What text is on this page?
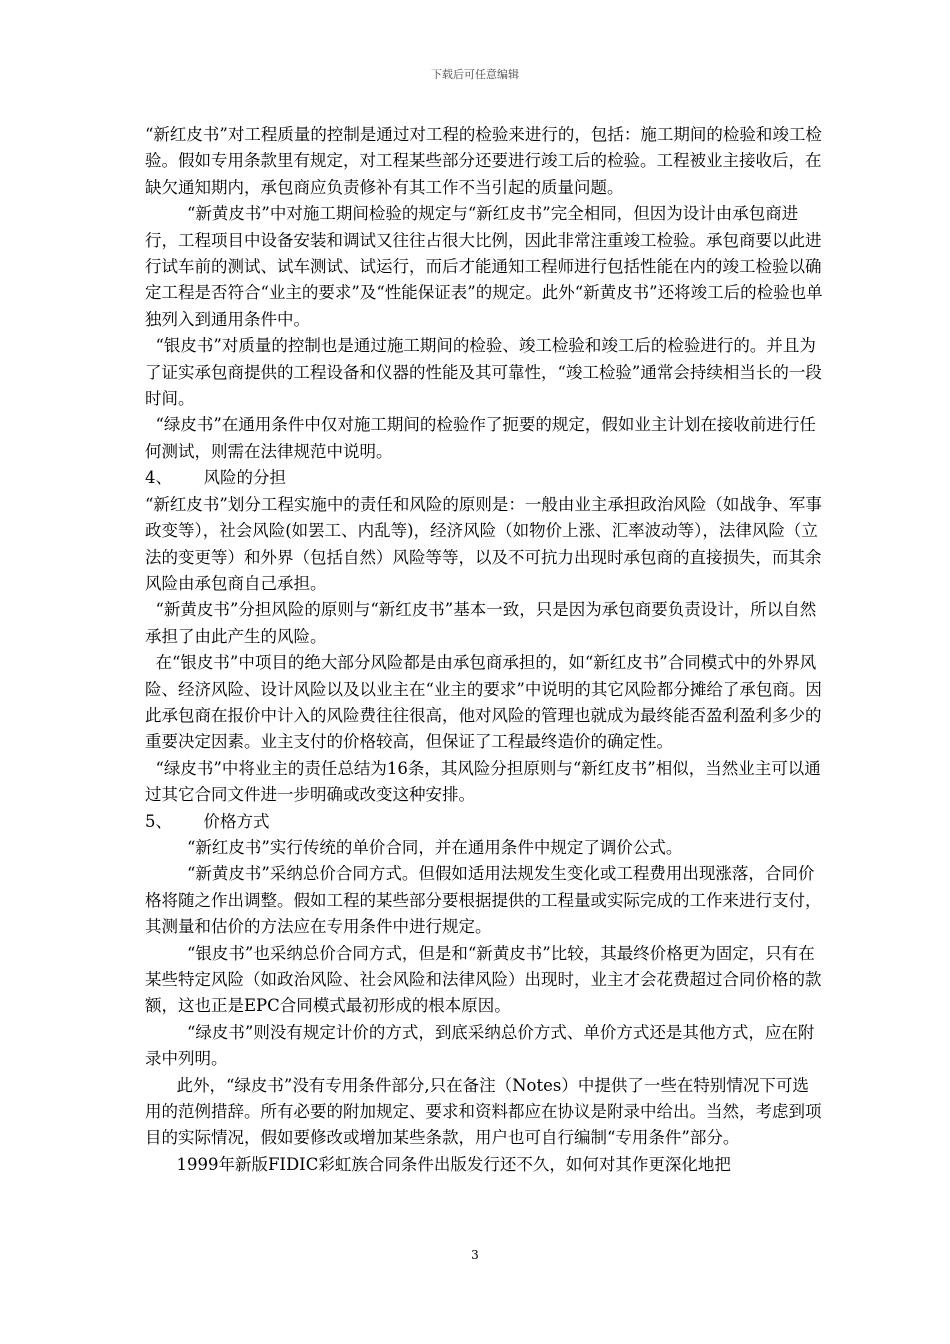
下载后可任意编辑

“新红皮书”对工程质量的控制是通过对工程的检验来进行的，包括：施工期间的检验和竣工检验。假如专用条款里有规定，对工程某些部分还要进行竣工后的检验。工程被业主接收后，在缺欠通知期内，承包商应负责修补有其工作不当引起的质量问题。

“新黄皮书”中对施工期间检验的规定与“新红皮书”完全相同，但因为设计由承包商进行，工程项目中设备安装和调试又往往占很大比例，因此非常注重竣工检验。承包商要以此进行试车前的测试、试车测试、试运行，而后才能通知工程师进行包括性能在内的竣工检验以确定工程是否符合“业主的要求”及“性能保证表”的规定。此外“新黄皮书”还将竣工后的检验也单独列入到通用条件中。

“银皮书”对质量的控制也是通过施工期间的检验、竣工检验和竣工后的检验进行的。并且为了证实承包商提供的工程设备和仪器的性能及其可靠性，“竣工检验”通常会持续相当长的一段时间。

“绿皮书”在通用条件中仅对施工期间的检验作了扼要的规定，假如业主计划在接收前进行任何测试，则需在法律规范中说明。

4、      风险的分担

“新红皮书”划分工程实施中的责任和风险的原则是：一般由业主承担政治风险（如战争、军事政变等），社会风险(如罢工、内乱等)，经济风险（如物价上涨、汇率波动等），法律风险（立法的变更等）和外界（包括自然）风险等等，以及不可抗力出现时承包商的直接损失，而其余风险由承包商自己承担。

“新黄皮书”分担风险的原则与“新红皮书”基本一致，只是因为承包商要负责设计，所以自然承担了由此产生的风险。

在“银皮书”中项目的绝大部分风险都是由承包商承担的，如“新红皮书”合同模式中的外界风险、经济风险、设计风险以及以业主在“业主的要求”中说明的其它风险都分摊给了承包商。因此承包商在报价中计入的风险费往往很高，他对风险的管理也就成为最终能否盈利盈利多少的重要决定因素。业主支付的价格较高，但保证了工程最终造价的确定性。

“绿皮书”中将业主的责任总结为16条，其风险分担原则与“新红皮书”相似，当然业主可以通过其它合同文件进一步明确或改变这种安排。

5、      价格方式

“新红皮书”实行传统的单价合同，并在通用条件中规定了调价公式。

“新黄皮书”采纳总价合同方式。但假如适用法规发生变化或工程费用出现涨落，合同价格将随之作出调整。假如工程的某些部分要根据提供的工程量或实际完成的工作来进行支付，其测量和估价的方法应在专用条件中进行规定。

“银皮书”也采纳总价合同方式，但是和“新黄皮书”比较，其最终价格更为固定，只有在某些特定风险（如政治风险、社会风险和法律风险）出现时，业主才会花费超过合同价格的款额，这也正是EPC合同模式最初形成的根本原因。

“绿皮书”则没有规定计价的方式，到底采纳总价方式、单价方式还是其他方式，应在附录中列明。

此外，“绿皮书”没有专用条件部分,只在备注（Notes）中提供了一些在特别情况下可选用的范例措辞。所有必要的附加规定、要求和资料都应在协议是附录中给出。当然，考虑到项目的实际情况，假如要修改或增加某些条款，用户也可自行编制“专用条件”部分。

1999年新版FIDIC彩虹族合同条件出版发行还不久，如何对其作更深化地把

3
